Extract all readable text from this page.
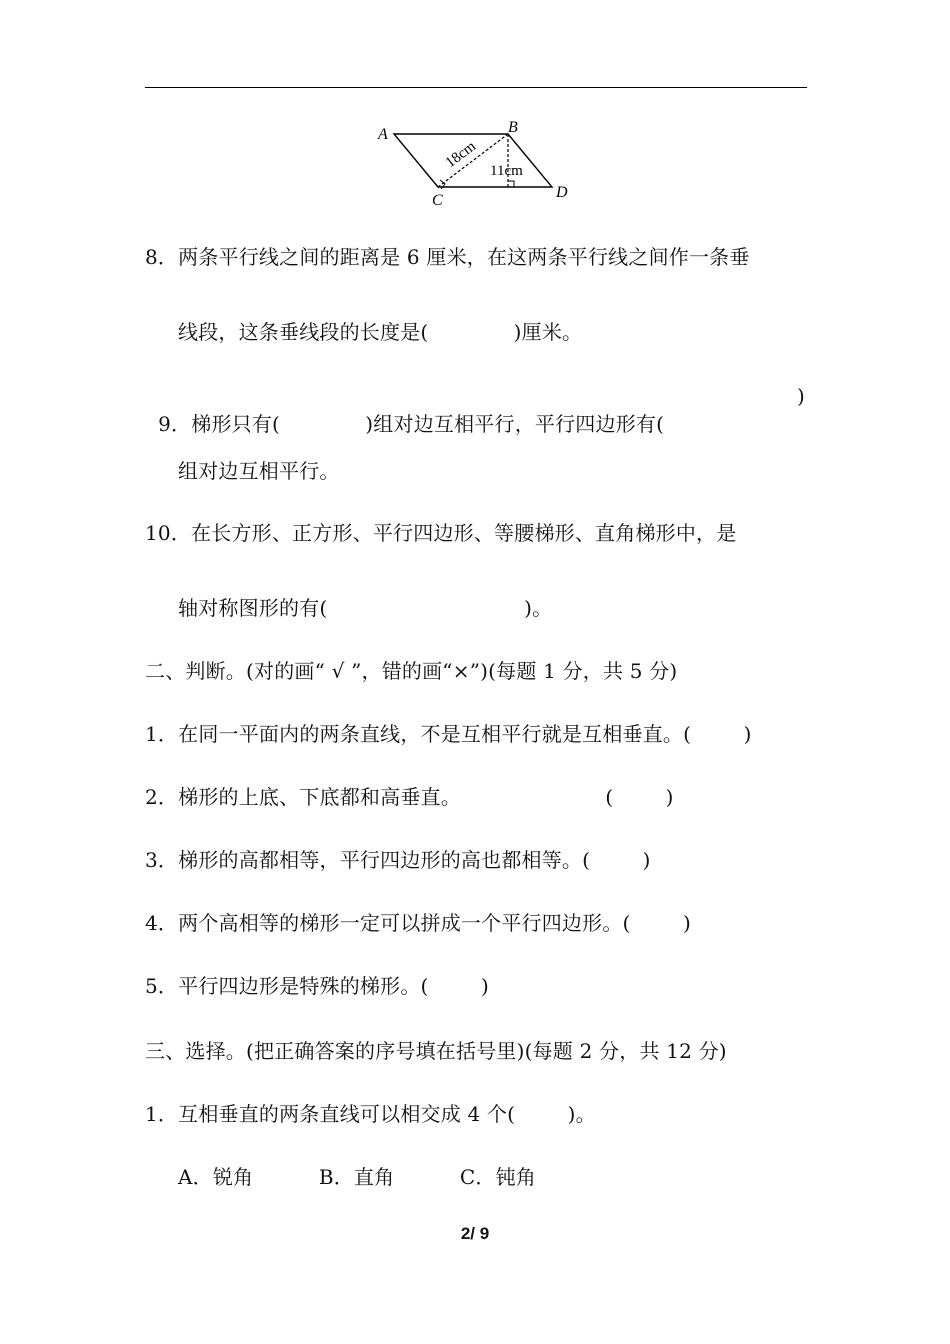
A	B
C	D
18cm 11cm
8．两条平行线之间的距离是 6 厘米，在这两条平行线之间作一条垂
线段，这条垂线段的长度是(             )厘米。

9．梯形只有(             )组对边互相平行，平行四边形有(

)
组对边互相平行。
10．在长方形、正方形、平行四边形、等腰梯形、直角梯形中，是
轴对称图形的有(                              )。
二、判断。(对的画“ √ ”，错的画“×”)(每题 1 分，共 5 分)
1．在同一平面内的两条直线，不是互相平行就是互相垂直。(        )
2．梯形的上底、下底都和高垂直。                      (        )
3．梯形的高都相等，平行四边形的高也都相等。(        )
4．两个高相等的梯形一定可以拼成一个平行四边形。(        )
5．平行四边形是特殊的梯形。(        )
三、选择。(把正确答案的序号填在括号里)(每题 2 分，共 12 分)
1．互相垂直的两条直线可以相交成 4 个(        )。
A．锐角          B．直角          C．钝角
2/ 9
